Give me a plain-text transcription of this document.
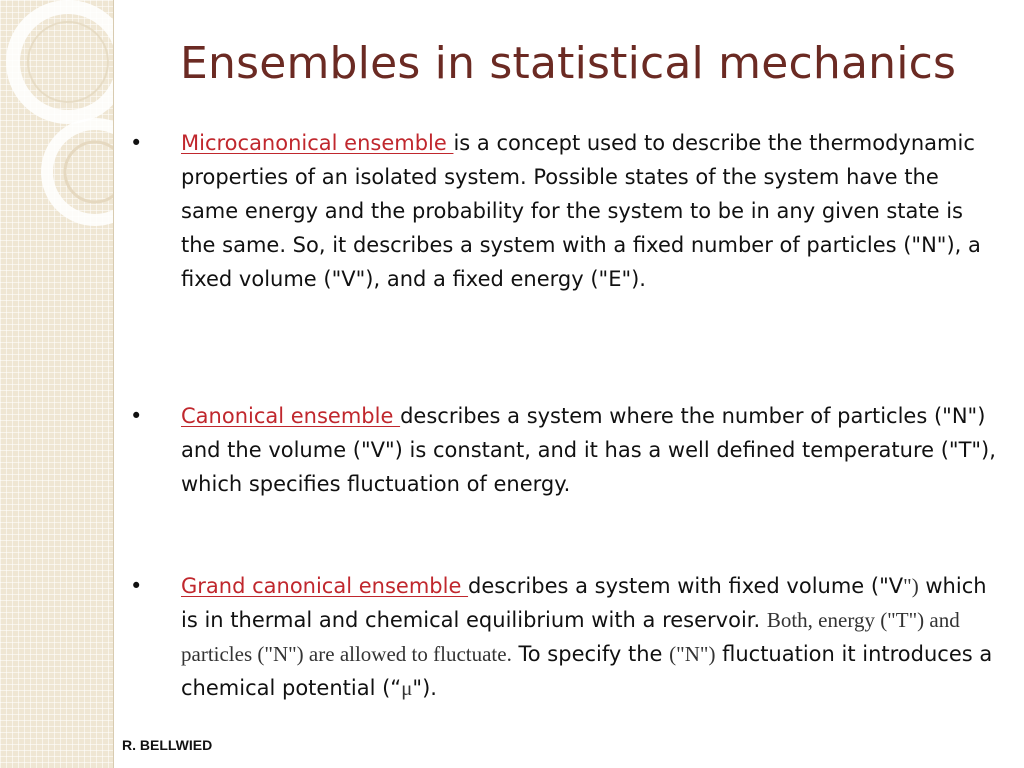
Ensembles in statistical mechanics
•	Microcanonical ensemble is a concept used to describe the thermodynamic properties of an isolated system. Possible states of the system have the same energy and the probability for the system to be in any given state is the same. So, it describes a system with a fixed number of particles ("N"), a fixed volume ("V"), and a fixed energy ("E").
•	Canonical ensemble describes a system where the number of particles ("N") and the volume ("V") is constant, and it has a well defined temperature ("T"), which specifies fluctuation of energy.
•	Grand canonical ensemble describes a system with fixed volume ("V") which is in thermal and chemical equilibrium with a reservoir. Both, energy ("T") and particles ("N") are allowed to fluctuate. To specify the ("N") fluctuation it introduces a chemical potential (“μ").
R. BELLWIED
